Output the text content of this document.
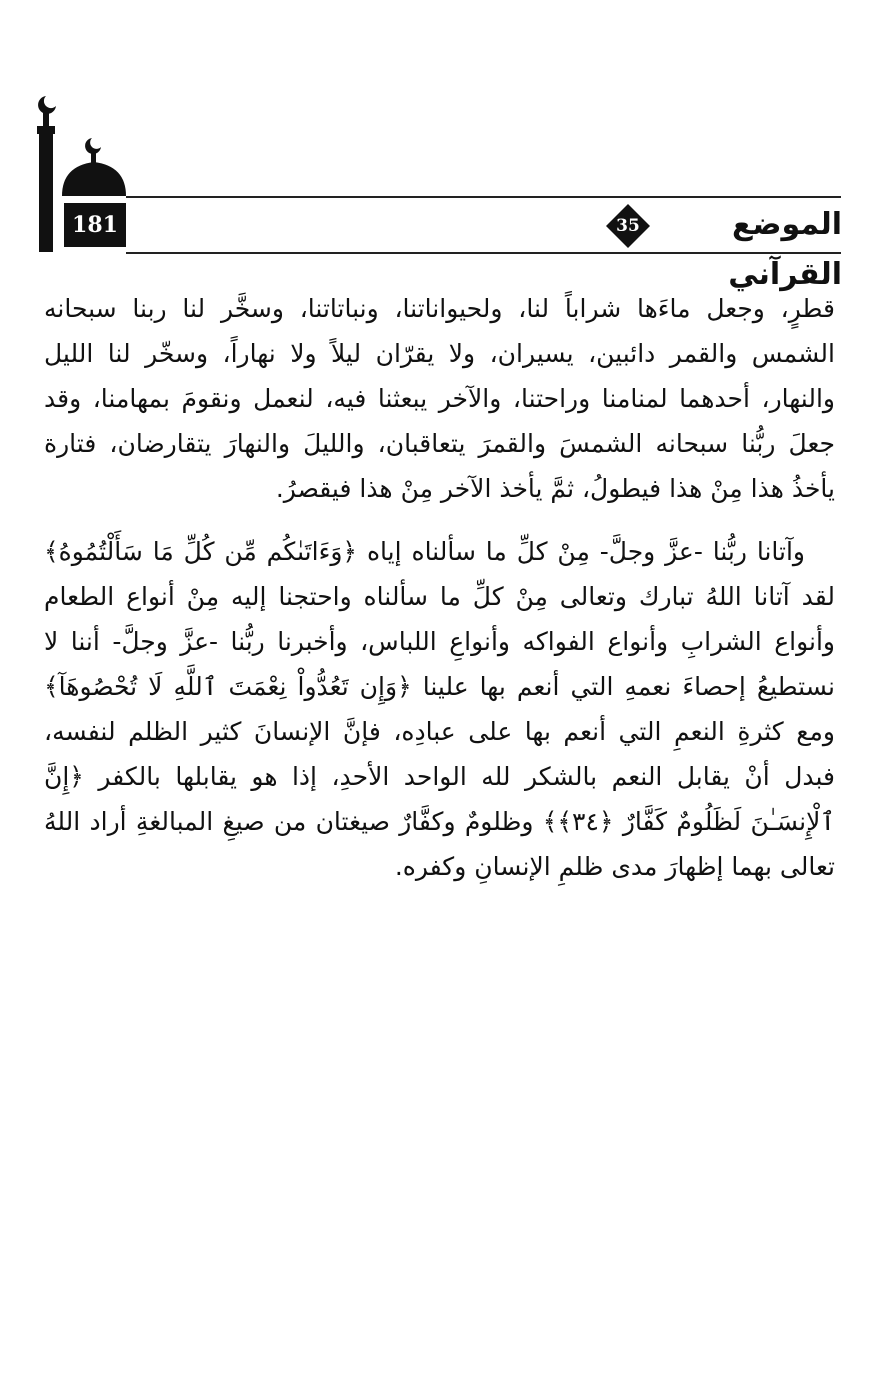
181	35	الموضع القرآني

قطرٍ، وجعل ماءَها شراباً لنا، ولحيواناتنا، ونباتاتنا، وسخَّر لنا ربنا سبحانه الشمس والقمر دائبين، يسيران، ولا يقرّان ليلاً ولا نهاراً، وسخّر لنا الليل والنهار، أحدهما لمنامنا وراحتنا، والآخر يبعثنا فيه، لنعمل ونقومَ بمهامنا، وقد جعلَ ربُّنا سبحانه الشمسَ والقمرَ يتعاقبان، والليلَ والنهارَ يتقارضان، فتارة يأخذُ هذا مِنْ هذا فيطولُ، ثمَّ يأخذ الآخر مِنْ هذا فيقصرُ.

وآتانا ربُّنا -عزَّ وجلَّ- مِنْ كلِّ ما سألناه إياه ﴿وَءَاتَىٰكُم مِّن كُلِّ مَا سَأَلْتُمُوهُ﴾ لقد آتانا اللهُ تبارك وتعالى مِنْ كلِّ ما سألناه واحتجنا إليه مِنْ أنواع الطعام وأنواع الشرابِ وأنواع الفواكه وأنواعِ اللباس، وأخبرنا ربُّنا -عزَّ وجلَّ- أننا لا نستطيعُ إحصاءَ نعمهِ التي أنعم بها علينا ﴿وَإِن تَعُدُّواْ نِعْمَتَ ٱللَّهِ لَا تُحْصُوهَآ﴾ ومع كثرةِ النعمِ التي أنعم بها على عبادِه، فإنَّ الإنسانَ كثير الظلم لنفسه، فبدل أنْ يقابل النعم بالشكر لله الواحد الأحدِ، إذا هو يقابلها بالكفر ﴿إِنَّ ٱلْإِنسَـٰنَ لَظَلُومٌ كَفَّارٌ ﴿٣٤﴾﴾ وظلومٌ وكفَّارٌ صيغتان من صيغِ المبالغةِ أراد اللهُ تعالى بهما إظهارَ مدى ظلمِ الإنسانِ وكفره.
